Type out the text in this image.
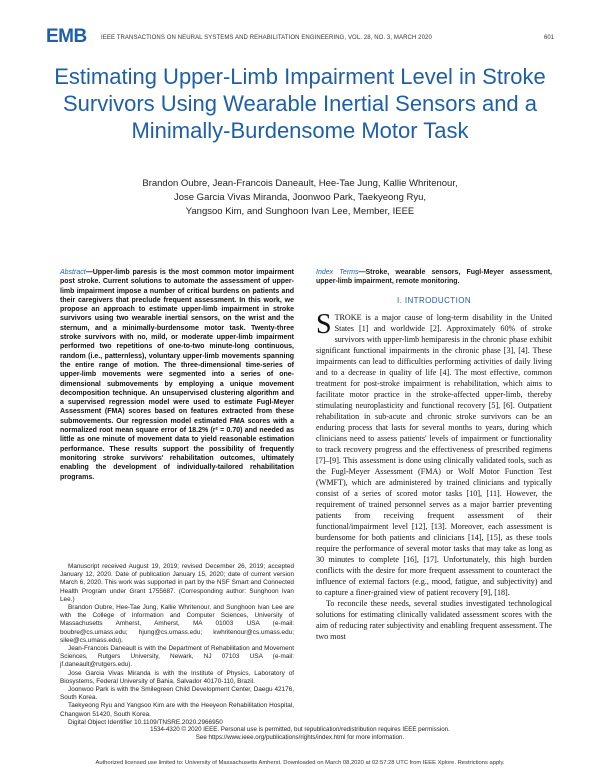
EMB IEEE TRANSACTIONS ON NEURAL SYSTEMS AND REHABILITATION ENGINEERING, VOL. 28, NO. 3, MARCH 2020	601
Estimating Upper-Limb Impairment Level in Stroke Survivors Using Wearable Inertial Sensors and a Minimally-Burdensome Motor Task
Brandon Oubre, Jean-Francois Daneault, Hee-Tae Jung, Kallie Whritenour,
Jose Garcia Vivas Miranda, Joonwoo Park, Taekyeong Ryu,
Yangsoo Kim, and Sunghoon Ivan Lee, Member, IEEE
Abstract—Upper-limb paresis is the most common motor impairment post stroke. Current solutions to automate the assessment of upper-limb impairment impose a number of critical burdens on patients and their caregivers that preclude frequent assessment. In this work, we propose an approach to estimate upper-limb impairment in stroke survivors using two wearable inertial sensors, on the wrist and the sternum, and a minimally-burdensome motor task. Twenty-three stroke survivors with no, mild, or moderate upper-limb impairment performed two repetitions of one-to-two minute-long continuous, random (i.e., patternless), voluntary upper-limb movements spanning the entire range of motion. The three-dimensional time-series of upper-limb movements were segmented into a series of one-dimensional submovements by employing a unique movement decomposition technique. An unsupervised clustering algorithm and a supervised regression model were used to estimate Fugl-Meyer Assessment (FMA) scores based on features extracted from these submovements. Our regression model estimated FMA scores with a normalized root mean square error of 18.2% (r² = 0.70) and needed as little as one minute of movement data to yield reasonable estimation performance. These results support the possibility of frequently monitoring stroke survivors' rehabilitation outcomes, ultimately enabling the development of individually-tailored rehabilitation programs.
Index Terms—Stroke, wearable sensors, Fugl-Meyer assessment, upper-limb impairment, remote monitoring.
I. INTRODUCTION
STROKE is a major cause of long-term disability in the United States [1] and worldwide [2]. Approximately 60% of stroke survivors with upper-limb hemiparesis in the chronic phase exhibit significant functional impairments in the chronic phase [3], [4]. These impairments can lead to difficulties performing activities of daily living and to a decrease in quality of life [4]. The most effective, common treatment for post-stroke impairment is rehabilitation, which aims to facilitate motor practice in the stroke-affected upper-limb, thereby stimulating neuroplasticity and functional recovery [5], [6]. Outpatient rehabilitation in sub-acute and chronic stroke survivors can be an enduring process that lasts for several months to years, during which clinicians need to assess patients' levels of impairment or functionality to track recovery progress and the effectiveness of prescribed regimens [7]–[9]. This assessment is done using clinically validated tools, such as the Fugl-Meyer Assessment (FMA) or Wolf Motor Function Test (WMFT), which are administered by trained clinicians and typically consist of a series of scored motor tasks [10], [11]. However, the requirement of trained personnel serves as a major barrier preventing patients from receiving frequent assessment of their functional/impairment level [12], [13]. Moreover, each assessment is burdensome for both patients and clinicians [14], [15], as these tools require the performance of several motor tasks that may take as long as 30 minutes to complete [16], [17]. Unfortunately, this high burden conflicts with the desire for more frequent assessment to counteract the influence of external factors (e.g., mood, fatigue, and subjectivity) and to capture a finer-grained view of patient recovery [9], [18].
To reconcile these needs, several studies investigated technological solutions for estimating clinically validated assessment scores with the aim of reducing rater subjectivity and enabling frequent assessment. The two most

Manuscript received August 19, 2019; revised December 26, 2019; accepted January 12, 2020. Date of publication January 15, 2020; date of current version March 6, 2020. This work was supported in part by the NSF Smart and Connected Health Program under Grant 1755687. (Corresponding author: Sunghoon Ivan Lee.)

Brandon Oubre, Hee-Tae Jung, Kallie Whritenour, and Sunghoon Ivan Lee are with the College of Information and Computer Sciences, University of Massachusetts Amherst, Amherst, MA 01003 USA (e-mail: boubre@cs.umass.edu; hjung@cs.umass.edu; kwhritenour@cs.umass.edu; silee@cs.umass.edu).

Jean-Francois Daneault is with the Department of Rehabilitation and Movement Sciences, Rutgers University, Newark, NJ 07103 USA (e-mail: jf.daneault@rutgers.edu).

Jose Garcia Vivas Miranda is with the Institute of Physics, Laboratory of Biosystems, Federal University of Bahia, Salvador 40170-110, Brazil.

Joonwoo Park is with the Smilegreen Child Development Center, Daegu 42176, South Korea.

Taekyeong Ryu and Yangsoo Kim are with the Heeyeon Rehabilitation Hospital, Changwon 51420, South Korea.

Digital Object Identifier 10.1109/TNSRE.2020.2966950

1534-4320 © 2020 IEEE. Personal use is permitted, but republication/redistribution requires IEEE permission.
See https://www.ieee.org/publications/rights/index.html for more information.
Authorized licensed use limited to: University of Massachusetts Amherst. Downloaded on March 08,2020 at 02:57:28 UTC from IEEE Xplore. Restrictions apply.
